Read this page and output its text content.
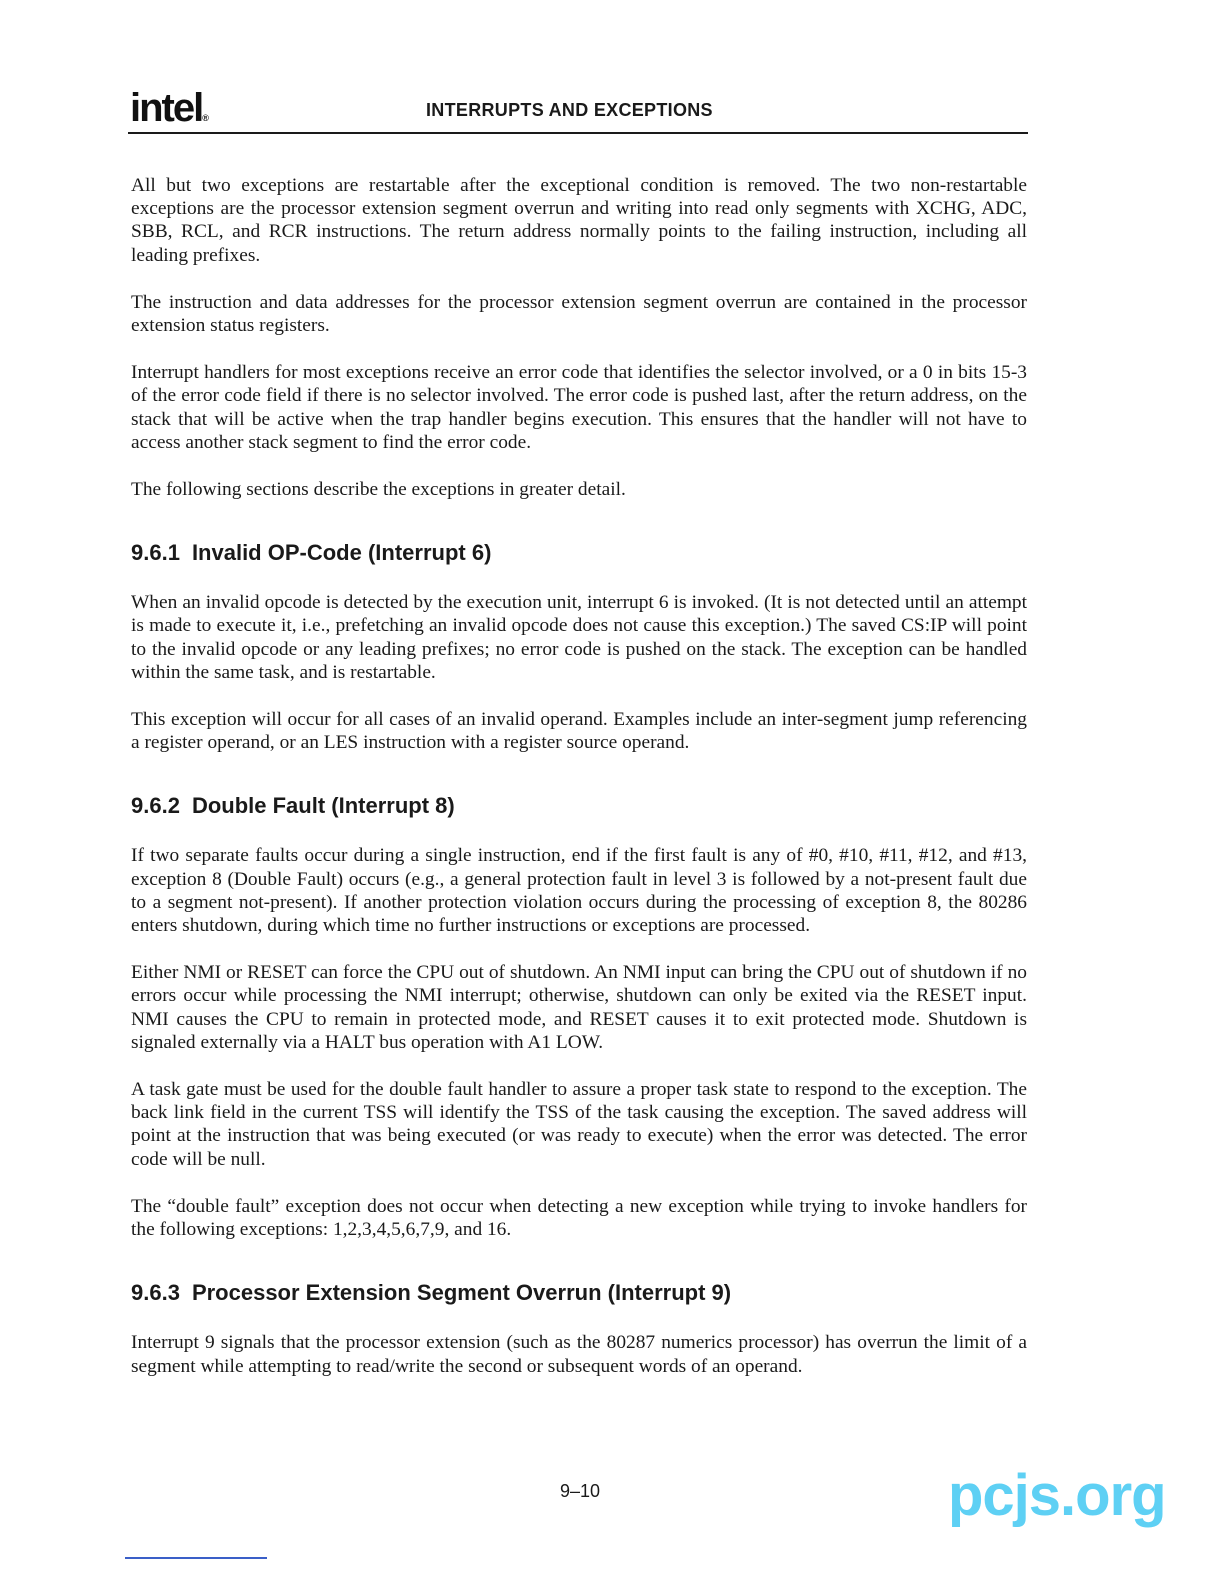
intel®	INTERRUPTS AND EXCEPTIONS

All but two exceptions are restartable after the exceptional condition is removed. The two non-restartable exceptions are the processor extension segment overrun and writing into read only segments with XCHG, ADC, SBB, RCL, and RCR instructions. The return address normally points to the failing instruction, including all leading prefixes.

The instruction and data addresses for the processor extension segment overrun are contained in the processor extension status registers.

Interrupt handlers for most exceptions receive an error code that identifies the selector involved, or a 0 in bits 15-3 of the error code field if there is no selector involved. The error code is pushed last, after the return address, on the stack that will be active when the trap handler begins execution. This ensures that the handler will not have to access another stack segment to find the error code.

The following sections describe the exceptions in greater detail.

9.6.1 Invalid OP-Code (Interrupt 6)

When an invalid opcode is detected by the execution unit, interrupt 6 is invoked. (It is not detected until an attempt is made to execute it, i.e., prefetching an invalid opcode does not cause this exception.) The saved CS:IP will point to the invalid opcode or any leading prefixes; no error code is pushed on the stack. The exception can be handled within the same task, and is restartable.

This exception will occur for all cases of an invalid operand. Examples include an inter-segment jump referencing a register operand, or an LES instruction with a register source operand.

9.6.2 Double Fault (Interrupt 8)

If two separate faults occur during a single instruction, end if the first fault is any of #0, #10, #11, #12, and #13, exception 8 (Double Fault) occurs (e.g., a general protection fault in level 3 is followed by a not-present fault due to a segment not-present). If another protection violation occurs during the processing of exception 8, the 80286 enters shutdown, during which time no further instructions or exceptions are processed.

Either NMI or RESET can force the CPU out of shutdown. An NMI input can bring the CPU out of shutdown if no errors occur while processing the NMI interrupt; otherwise, shutdown can only be exited via the RESET input. NMI causes the CPU to remain in protected mode, and RESET causes it to exit protected mode. Shutdown is signaled externally via a HALT bus operation with A1 LOW.

A task gate must be used for the double fault handler to assure a proper task state to respond to the exception. The back link field in the current TSS will identify the TSS of the task causing the exception. The saved address will point at the instruction that was being executed (or was ready to execute) when the error was detected. The error code will be null.

The “double fault” exception does not occur when detecting a new exception while trying to invoke handlers for the following exceptions: 1,2,3,4,5,6,7,9, and 16.

9.6.3 Processor Extension Segment Overrun (Interrupt 9)

Interrupt 9 signals that the processor extension (such as the 80287 numerics processor) has overrun the limit of a segment while attempting to read/write the second or subsequent words of an operand.

9–10	pcjs.org
